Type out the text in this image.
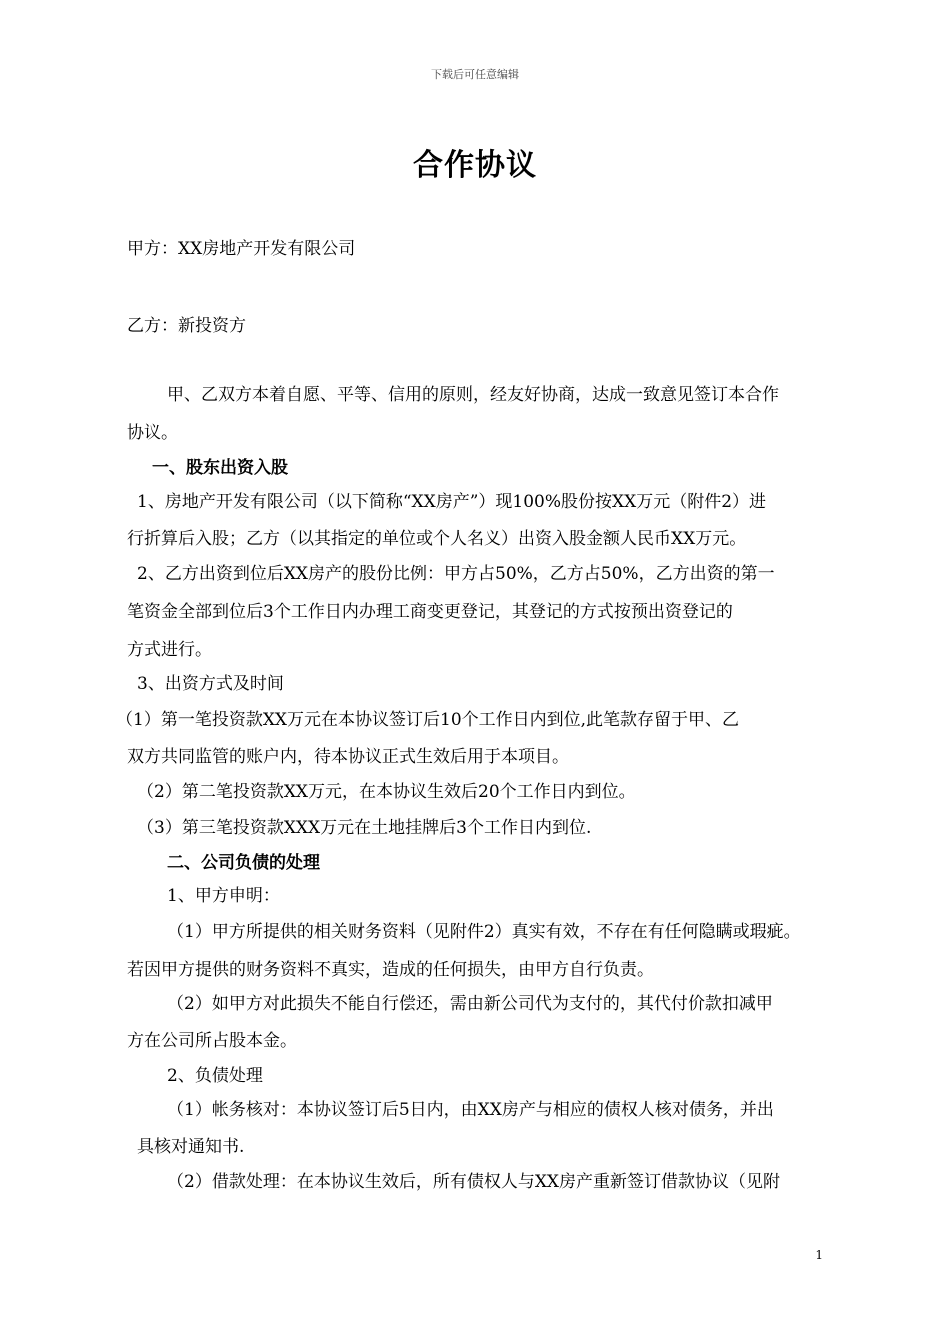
下载后可任意编辑
合作协议
甲方：XX房地产开发有限公司
乙方：新投资方
甲、乙双方本着自愿、平等、信用的原则，经友好协商，达成一致意见签订本合作
协议。
一、股东出资入股
1、房地产开发有限公司（以下简称“XX房产”）现100%股份按XX万元（附件2）进
行折算后入股；乙方（以其指定的单位或个人名义）出资入股金额人民币XX万元。
2、乙方出资到位后XX房产的股份比例：甲方占50%，乙方占50%，乙方出资的第一
笔资金全部到位后3个工作日内办理工商变更登记，其登记的方式按预出资登记的
方式进行。
3、出资方式及时间
（1）第一笔投资款XX万元在本协议签订后10个工作日内到位,此笔款存留于甲、乙
双方共同监管的账户内，待本协议正式生效后用于本项目。
（2）第二笔投资款XX万元，在本协议生效后20个工作日内到位。
（3）第三笔投资款XXX万元在土地挂牌后3个工作日内到位.
二、公司负债的处理
1、甲方申明：
（1）甲方所提供的相关财务资料（见附件2）真实有效，不存在有任何隐瞒或瑕疵。
若因甲方提供的财务资料不真实，造成的任何损失，由甲方自行负责。
（2）如甲方对此损失不能自行偿还，需由新公司代为支付的，其代付价款扣减甲
方在公司所占股本金。
2、负债处理
（1）帐务核对：本协议签订后5日内，由XX房产与相应的债权人核对债务，并出
具核对通知书.
（2）借款处理：在本协议生效后，所有债权人与XX房产重新签订借款协议（见附
1
